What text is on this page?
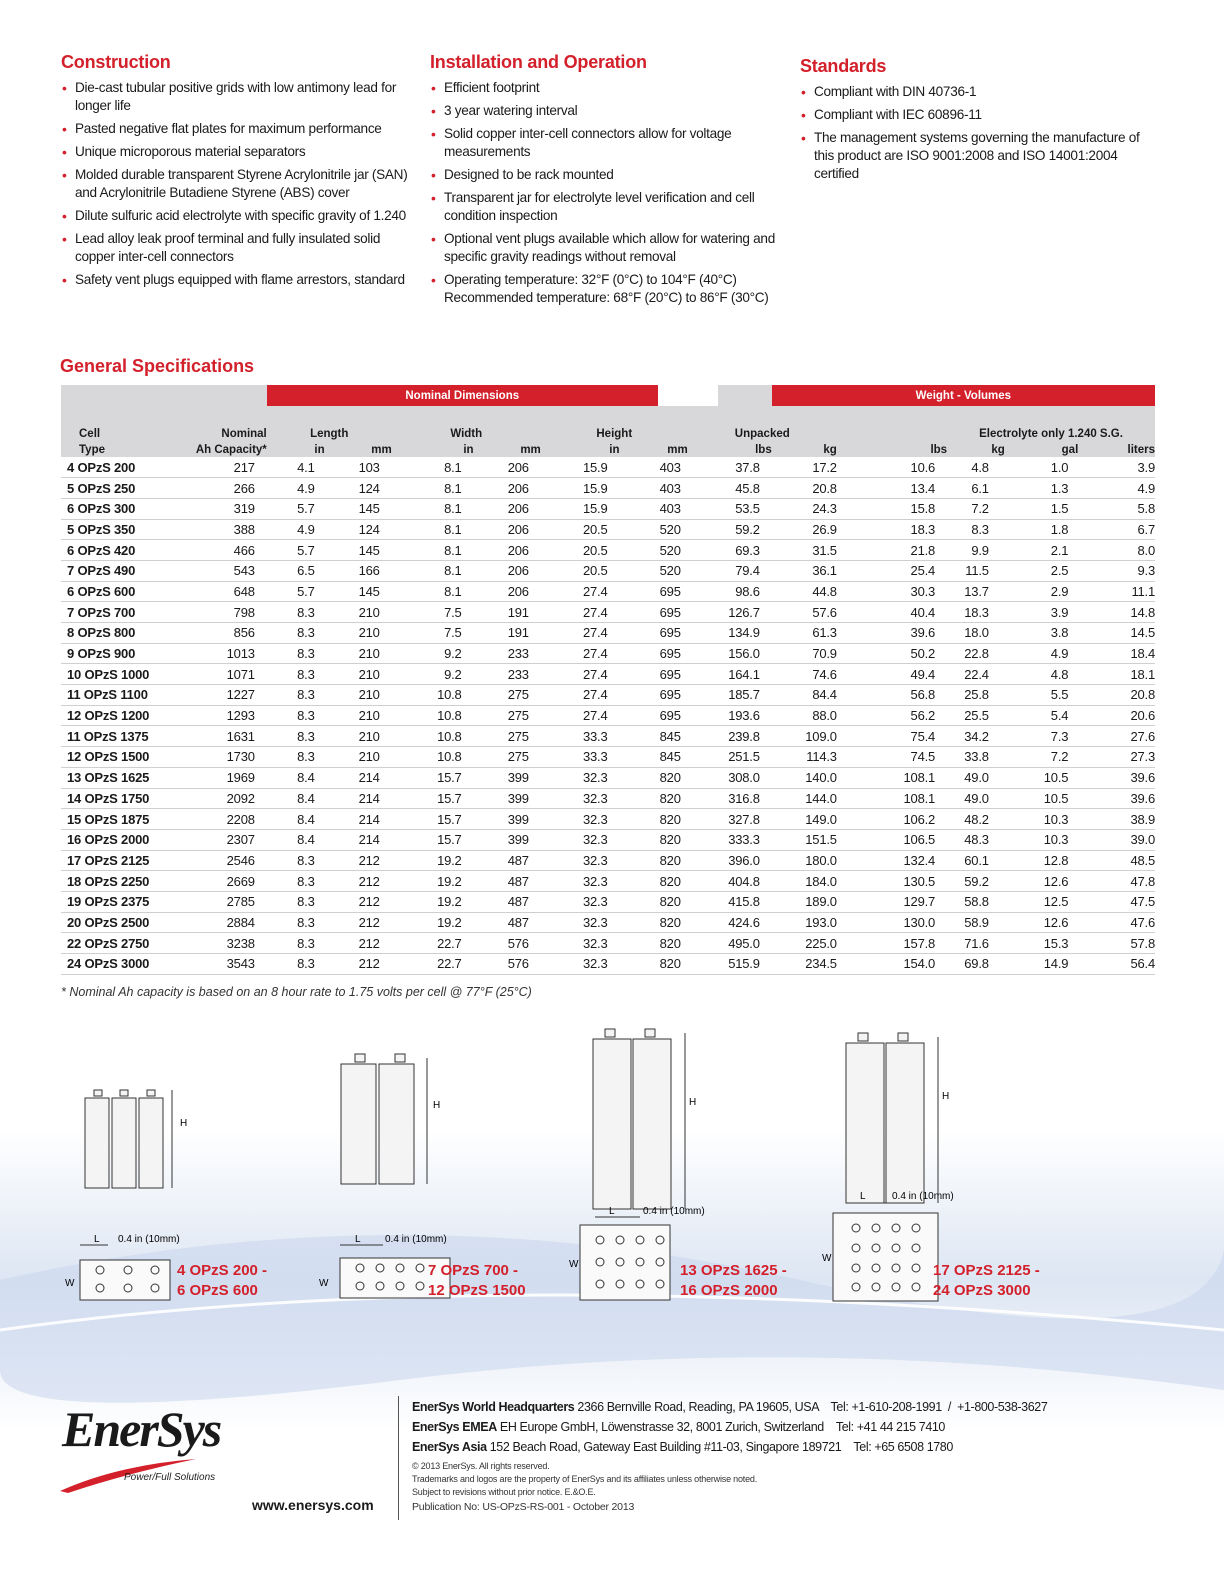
Construction
• Die-cast tubular positive grids with low antimony lead for longer life
• Pasted negative flat plates for maximum performance
• Unique microporous material separators
• Molded durable transparent Styrene Acrylonitrile jar (SAN) and Acrylonitrile Butadiene Styrene (ABS) cover
• Dilute sulfuric acid electrolyte with specific gravity of 1.240
• Lead alloy leak proof terminal and fully insulated solid copper inter-cell connectors
• Safety vent plugs equipped with flame arrestors, standard
Installation and Operation
• Efficient footprint
• 3 year watering interval
• Solid copper inter-cell connectors allow for voltage measurements
• Designed to be rack mounted
• Transparent jar for electrolyte level verification and cell condition inspection
• Optional vent plugs available which allow for watering and specific gravity readings without removal
• Operating temperature: 32°F (0°C) to 104°F (40°C) Recommended temperature: 68°F (20°C) to 86°F (30°C)
Standards
• Compliant with DIN 40736-1
• Compliant with IEC 60896-11
• The management systems governing the manufacture of this product are ISO 9001:2008 and ISO 14001:2004 certified
General Specifications
		Nominal Dimensions							Weight - Volumes				
Cell	Nominal	Length		Width		Height		Unpacked			Electrolyte only 1.240 S.G.		
Type	Ah Capacity*	in	mm	in	mm	in	mm	lbs	kg	lbs	kg	gal	liters
4 OPzS 200	217	4.1	103	8.1	206	15.9	403	37.8	17.2	10.6	4.8	1.0	3.9
5 OPzS 250	266	4.9	124	8.1	206	15.9	403	45.8	20.8	13.4	6.1	1.3	4.9
6 OPzS 300	319	5.7	145	8.1	206	15.9	403	53.5	24.3	15.8	7.2	1.5	5.8
5 OPzS 350	388	4.9	124	8.1	206	20.5	520	59.2	26.9	18.3	8.3	1.8	6.7
6 OPzS 420	466	5.7	145	8.1	206	20.5	520	69.3	31.5	21.8	9.9	2.1	8.0
7 OPzS 490	543	6.5	166	8.1	206	20.5	520	79.4	36.1	25.4	11.5	2.5	9.3
6 OPzS 600	648	5.7	145	8.1	206	27.4	695	98.6	44.8	30.3	13.7	2.9	11.1
7 OPzS 700	798	8.3	210	7.5	191	27.4	695	126.7	57.6	40.4	18.3	3.9	14.8
8 OPzS 800	856	8.3	210	7.5	191	27.4	695	134.9	61.3	39.6	18.0	3.8	14.5
9 OPzS 900	1013	8.3	210	9.2	233	27.4	695	156.0	70.9	50.2	22.8	4.9	18.4
10 OPzS 1000	1071	8.3	210	9.2	233	27.4	695	164.1	74.6	49.4	22.4	4.8	18.1
11 OPzS 1100	1227	8.3	210	10.8	275	27.4	695	185.7	84.4	56.8	25.8	5.5	20.8
12 OPzS 1200	1293	8.3	210	10.8	275	27.4	695	193.6	88.0	56.2	25.5	5.4	20.6
11 OPzS 1375	1631	8.3	210	10.8	275	33.3	845	239.8	109.0	75.4	34.2	7.3	27.6
12 OPzS 1500	1730	8.3	210	10.8	275	33.3	845	251.5	114.3	74.5	33.8	7.2	27.3
13 OPzS 1625	1969	8.4	214	15.7	399	32.3	820	308.0	140.0	108.1	49.0	10.5	39.6
14 OPzS 1750	2092	8.4	214	15.7	399	32.3	820	316.8	144.0	108.1	49.0	10.5	39.6
15 OPzS 1875	2208	8.4	214	15.7	399	32.3	820	327.8	149.0	106.2	48.2	10.3	38.9
16 OPzS 2000	2307	8.4	214	15.7	399	32.3	820	333.3	151.5	106.5	48.3	10.3	39.0
17 OPzS 2125	2546	8.3	212	19.2	487	32.3	820	396.0	180.0	132.4	60.1	12.8	48.5
18 OPzS 2250	2669	8.3	212	19.2	487	32.3	820	404.8	184.0	130.5	59.2	12.6	47.8
19 OPzS 2375	2785	8.3	212	19.2	487	32.3	820	415.8	189.0	129.7	58.8	12.5	47.5
20 OPzS 2500	2884	8.3	212	19.2	487	32.3	820	424.6	193.0	130.0	58.9	12.6	47.6
22 OPzS 2750	3238	8.3	212	22.7	576	32.3	820	495.0	225.0	157.8	71.6	15.3	57.8
24 OPzS 3000	3543	8.3	212	22.7	576	32.3	820	515.9	234.5	154.0	69.8	14.9	56.4
* Nominal Ah capacity is based on an 8 hour rate to 1.75 volts per cell @ 77°F (25°C)
H
L 0.4 in (10mm)
W
4 OPzS 200 -
6 OPzS 600
H
L 0.4 in (10mm)
W
7 OPzS 700 -
12 OPzS 1500
H
L	0.4 in (10mm)
W	13 OPzS 1625 -
16 OPzS 2000
H
L	0.4 in (10mm)
W
17 OPzS 2125 -
24 OPzS 3000
EnerSys
Power/Full Solutions
www.enersys.com
EnerSys World Headquarters 2366 Bernville Road, Reading, PA 19605, USA    Tel: +1-610-208-1991  /  +1-800-538-3627
EnerSys EMEA EH Europe GmbH, Löwenstrasse 32, 8001 Zurich, Switzerland    Tel: +41 44 215 7410
EnerSys Asia 152 Beach Road, Gateway East Building #11-03, Singapore 189721    Tel: +65 6508 1780
© 2013 EnerSys. All rights reserved.
Trademarks and logos are the property of EnerSys and its affiliates unless otherwise noted.
Subject to revisions without prior notice. E.&O.E.
Publication No: US-OPzS-RS-001 - October 2013
